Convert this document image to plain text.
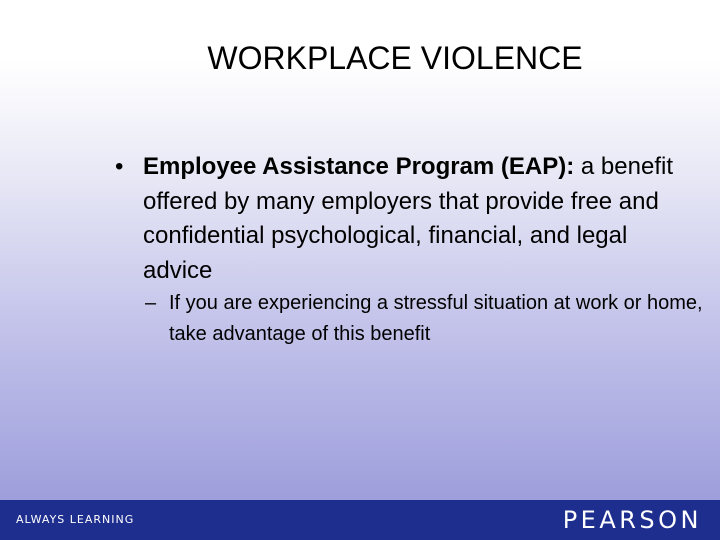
WORKPLACE VIOLENCE
• Employee Assistance Program (EAP): a benefit offered by many employers that provide free and confidential psychological, financial, and legal advice
– If you are experiencing a stressful situation at work or home, take advantage of this benefit
ALWAYS LEARNING	PEARSON
